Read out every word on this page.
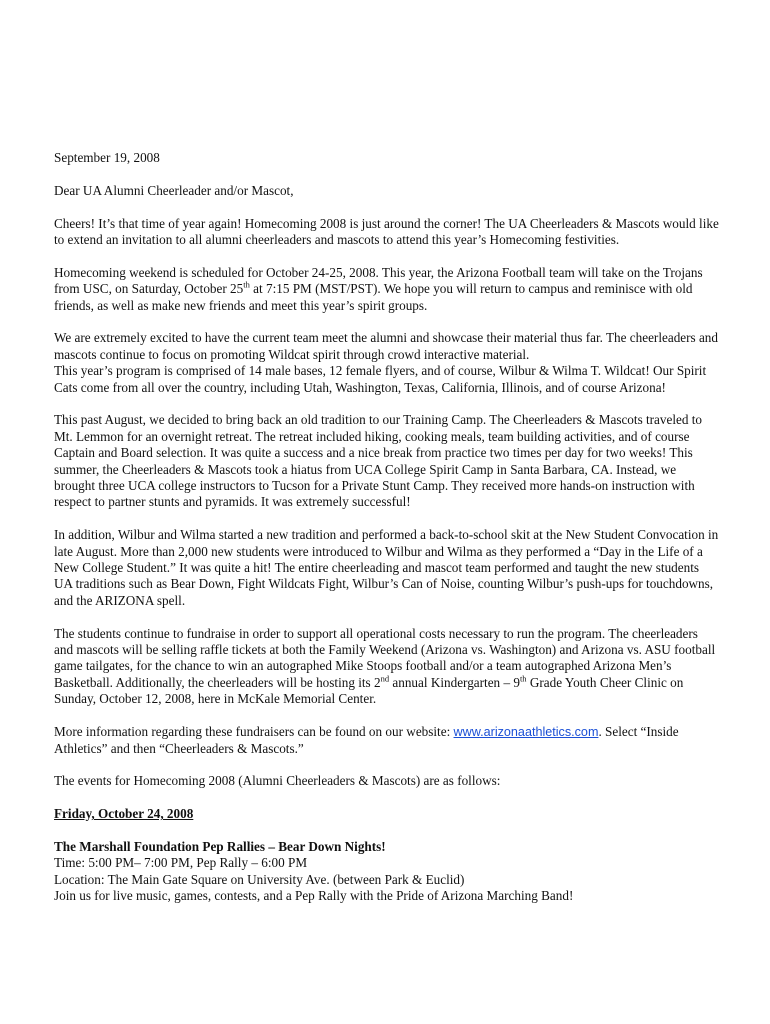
September 19, 2008

Dear UA Alumni Cheerleader and/or Mascot,

Cheers! It’s that time of year again! Homecoming 2008 is just around the corner! The UA Cheerleaders & Mascots would like to extend an invitation to all alumni cheerleaders and mascots to attend this year’s Homecoming festivities.

Homecoming weekend is scheduled for October 24-25, 2008. This year, the Arizona Football team will take on the Trojans from USC, on Saturday, October 25th at 7:15 PM (MST/PST). We hope you will return to campus and reminisce with old friends, as well as make new friends and meet this year’s spirit groups.

We are extremely excited to have the current team meet the alumni and showcase their material thus far. The cheerleaders and mascots continue to focus on promoting Wildcat spirit through crowd interactive material.
This year’s program is comprised of 14 male bases, 12 female flyers, and of course, Wilbur & Wilma T. Wildcat! Our Spirit Cats come from all over the country, including Utah, Washington, Texas, California, Illinois, and of course Arizona!

This past August, we decided to bring back an old tradition to our Training Camp. The Cheerleaders & Mascots traveled to Mt. Lemmon for an overnight retreat. The retreat included hiking, cooking meals, team building activities, and of course Captain and Board selection. It was quite a success and a nice break from practice two times per day for two weeks! This summer, the Cheerleaders & Mascots took a hiatus from UCA College Spirit Camp in Santa Barbara, CA. Instead, we brought three UCA college instructors to Tucson for a Private Stunt Camp. They received more hands-on instruction with respect to partner stunts and pyramids. It was extremely successful!

In addition, Wilbur and Wilma started a new tradition and performed a back-to-school skit at the New Student Convocation in late August. More than 2,000 new students were introduced to Wilbur and Wilma as they performed a “Day in the Life of a New College Student.” It was quite a hit! The entire cheerleading and mascot team performed and taught the new students UA traditions such as Bear Down, Fight Wildcats Fight, Wilbur’s Can of Noise, counting Wilbur’s push-ups for touchdowns, and the ARIZONA spell.

The students continue to fundraise in order to support all operational costs necessary to run the program. The cheerleaders and mascots will be selling raffle tickets at both the Family Weekend (Arizona vs. Washington) and Arizona vs. ASU football game tailgates, for the chance to win an autographed Mike Stoops football and/or a team autographed Arizona Men’s Basketball. Additionally, the cheerleaders will be hosting its 2nd annual Kindergarten – 9th Grade Youth Cheer Clinic on Sunday, October 12, 2008, here in McKale Memorial Center.

More information regarding these fundraisers can be found on our website: www.arizonaathletics.com. Select “Inside Athletics” and then “Cheerleaders & Mascots.”

The events for Homecoming 2008 (Alumni Cheerleaders & Mascots) are as follows:

Friday, October 24, 2008

The Marshall Foundation Pep Rallies – Bear Down Nights!

Time: 5:00 PM– 7:00 PM, Pep Rally – 6:00 PM

Location: The Main Gate Square on University Ave. (between Park & Euclid)

Join us for live music, games, contests, and a Pep Rally with the Pride of Arizona Marching Band!
